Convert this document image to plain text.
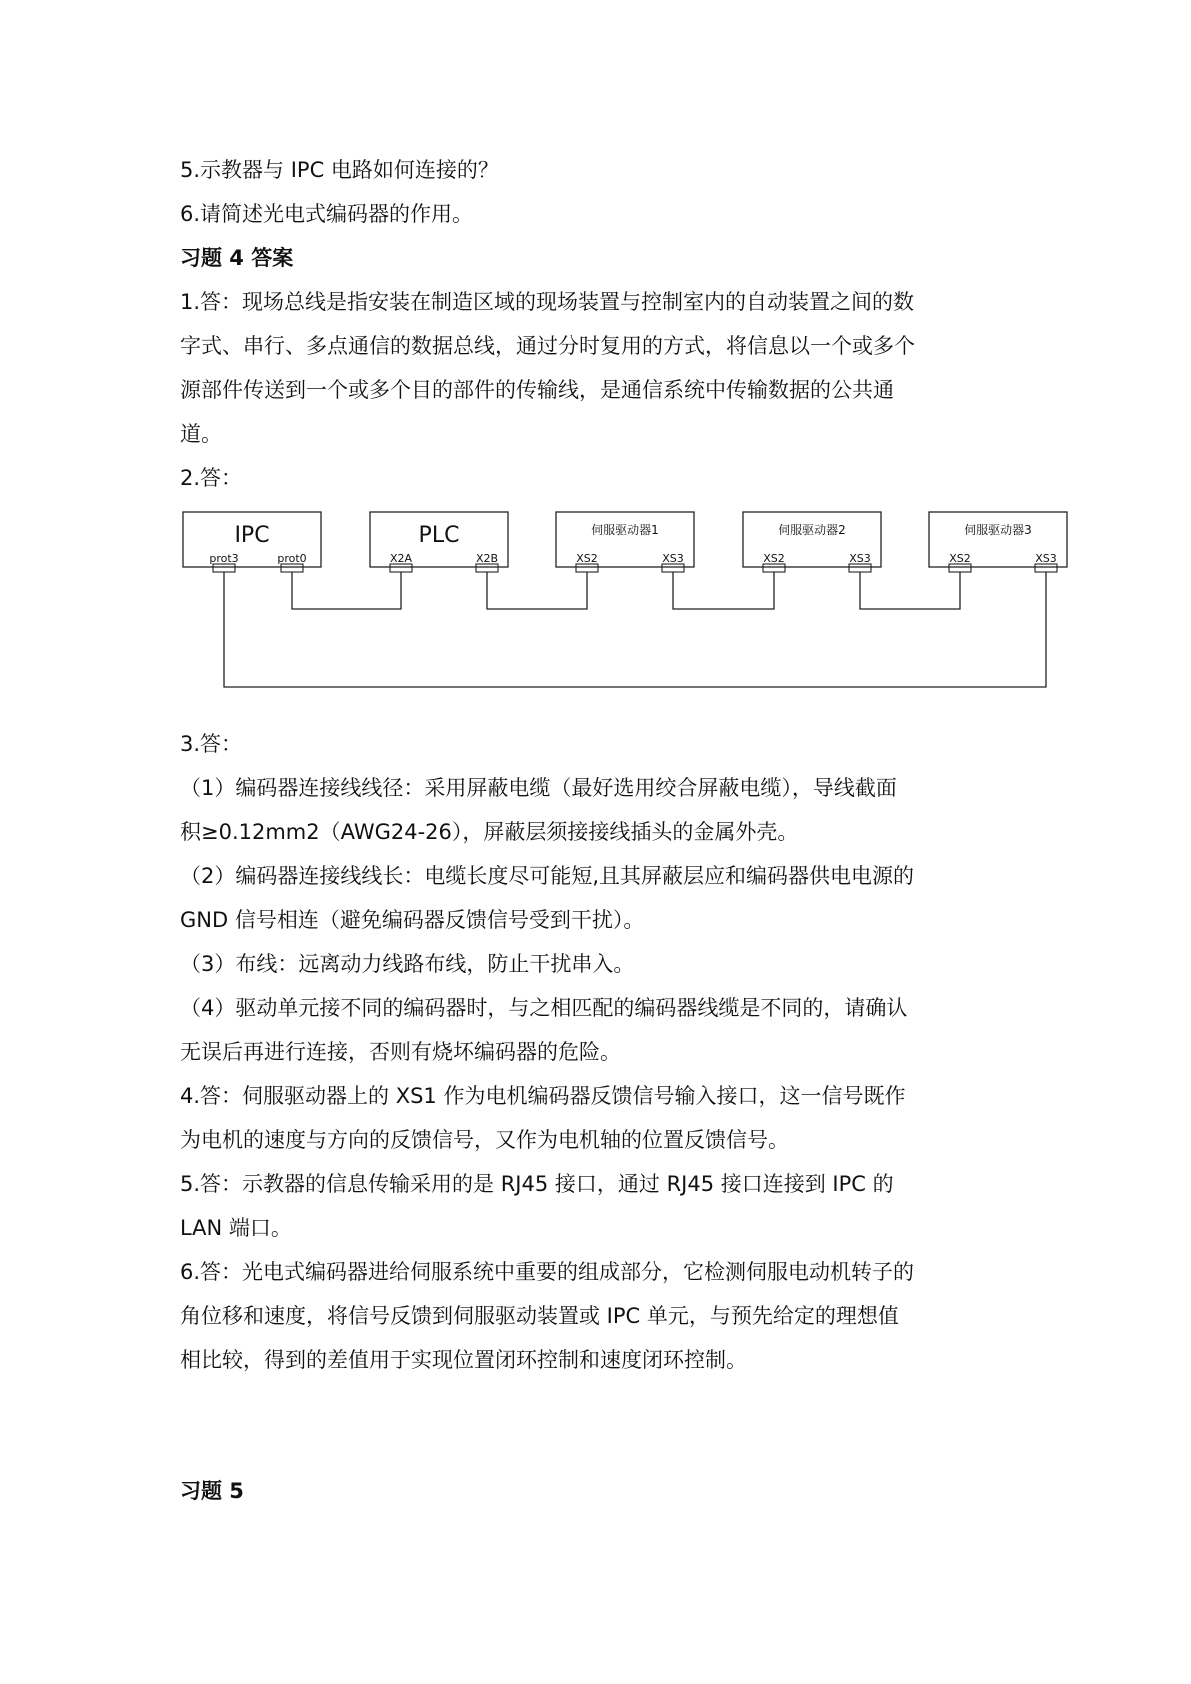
5.示教器与 IPC 电路如何连接的？
6.请简述光电式编码器的作用。
习题 4 答案
1.答：现场总线是指安装在制造区域的现场装置与控制室内的自动装置之间的数
字式、串行、多点通信的数据总线，通过分时复用的方式，将信息以一个或多个
源部件传送到一个或多个目的部件的传输线，是通信系统中传输数据的公共通
道。
2.答：
IPC
prot3	prot0
PLC
X2A	X2B
伺服驱动器1
XS2	XS3
伺服驱动器2
XS2	XS3
伺服驱动器3
XS2	XS3
3.答：
（1）编码器连接线线径：采用屏蔽电缆（最好选用绞合屏蔽电缆），导线截面
积≥0.12mm2（AWG24-26），屏蔽层须接接线插头的金属外壳。
（2）编码器连接线线长：电缆长度尽可能短,且其屏蔽层应和编码器供电电源的
GND 信号相连（避免编码器反馈信号受到干扰）。
（3）布线：远离动力线路布线，防止干扰串入。
（4）驱动单元接不同的编码器时，与之相匹配的编码器线缆是不同的，请确认
无误后再进行连接，否则有烧坏编码器的危险。
4.答：伺服驱动器上的 XS1 作为电机编码器反馈信号输入接口，这一信号既作
为电机的速度与方向的反馈信号，又作为电机轴的位置反馈信号。
5.答：示教器的信息传输采用的是 RJ45 接口，通过 RJ45 接口连接到 IPC 的
LAN 端口。
6.答：光电式编码器进给伺服系统中重要的组成部分，它检测伺服电动机转子的
角位移和速度，将信号反馈到伺服驱动装置或 IPC 单元，与预先给定的理想值
相比较，得到的差值用于实现位置闭环控制和速度闭环控制。
习题 5
